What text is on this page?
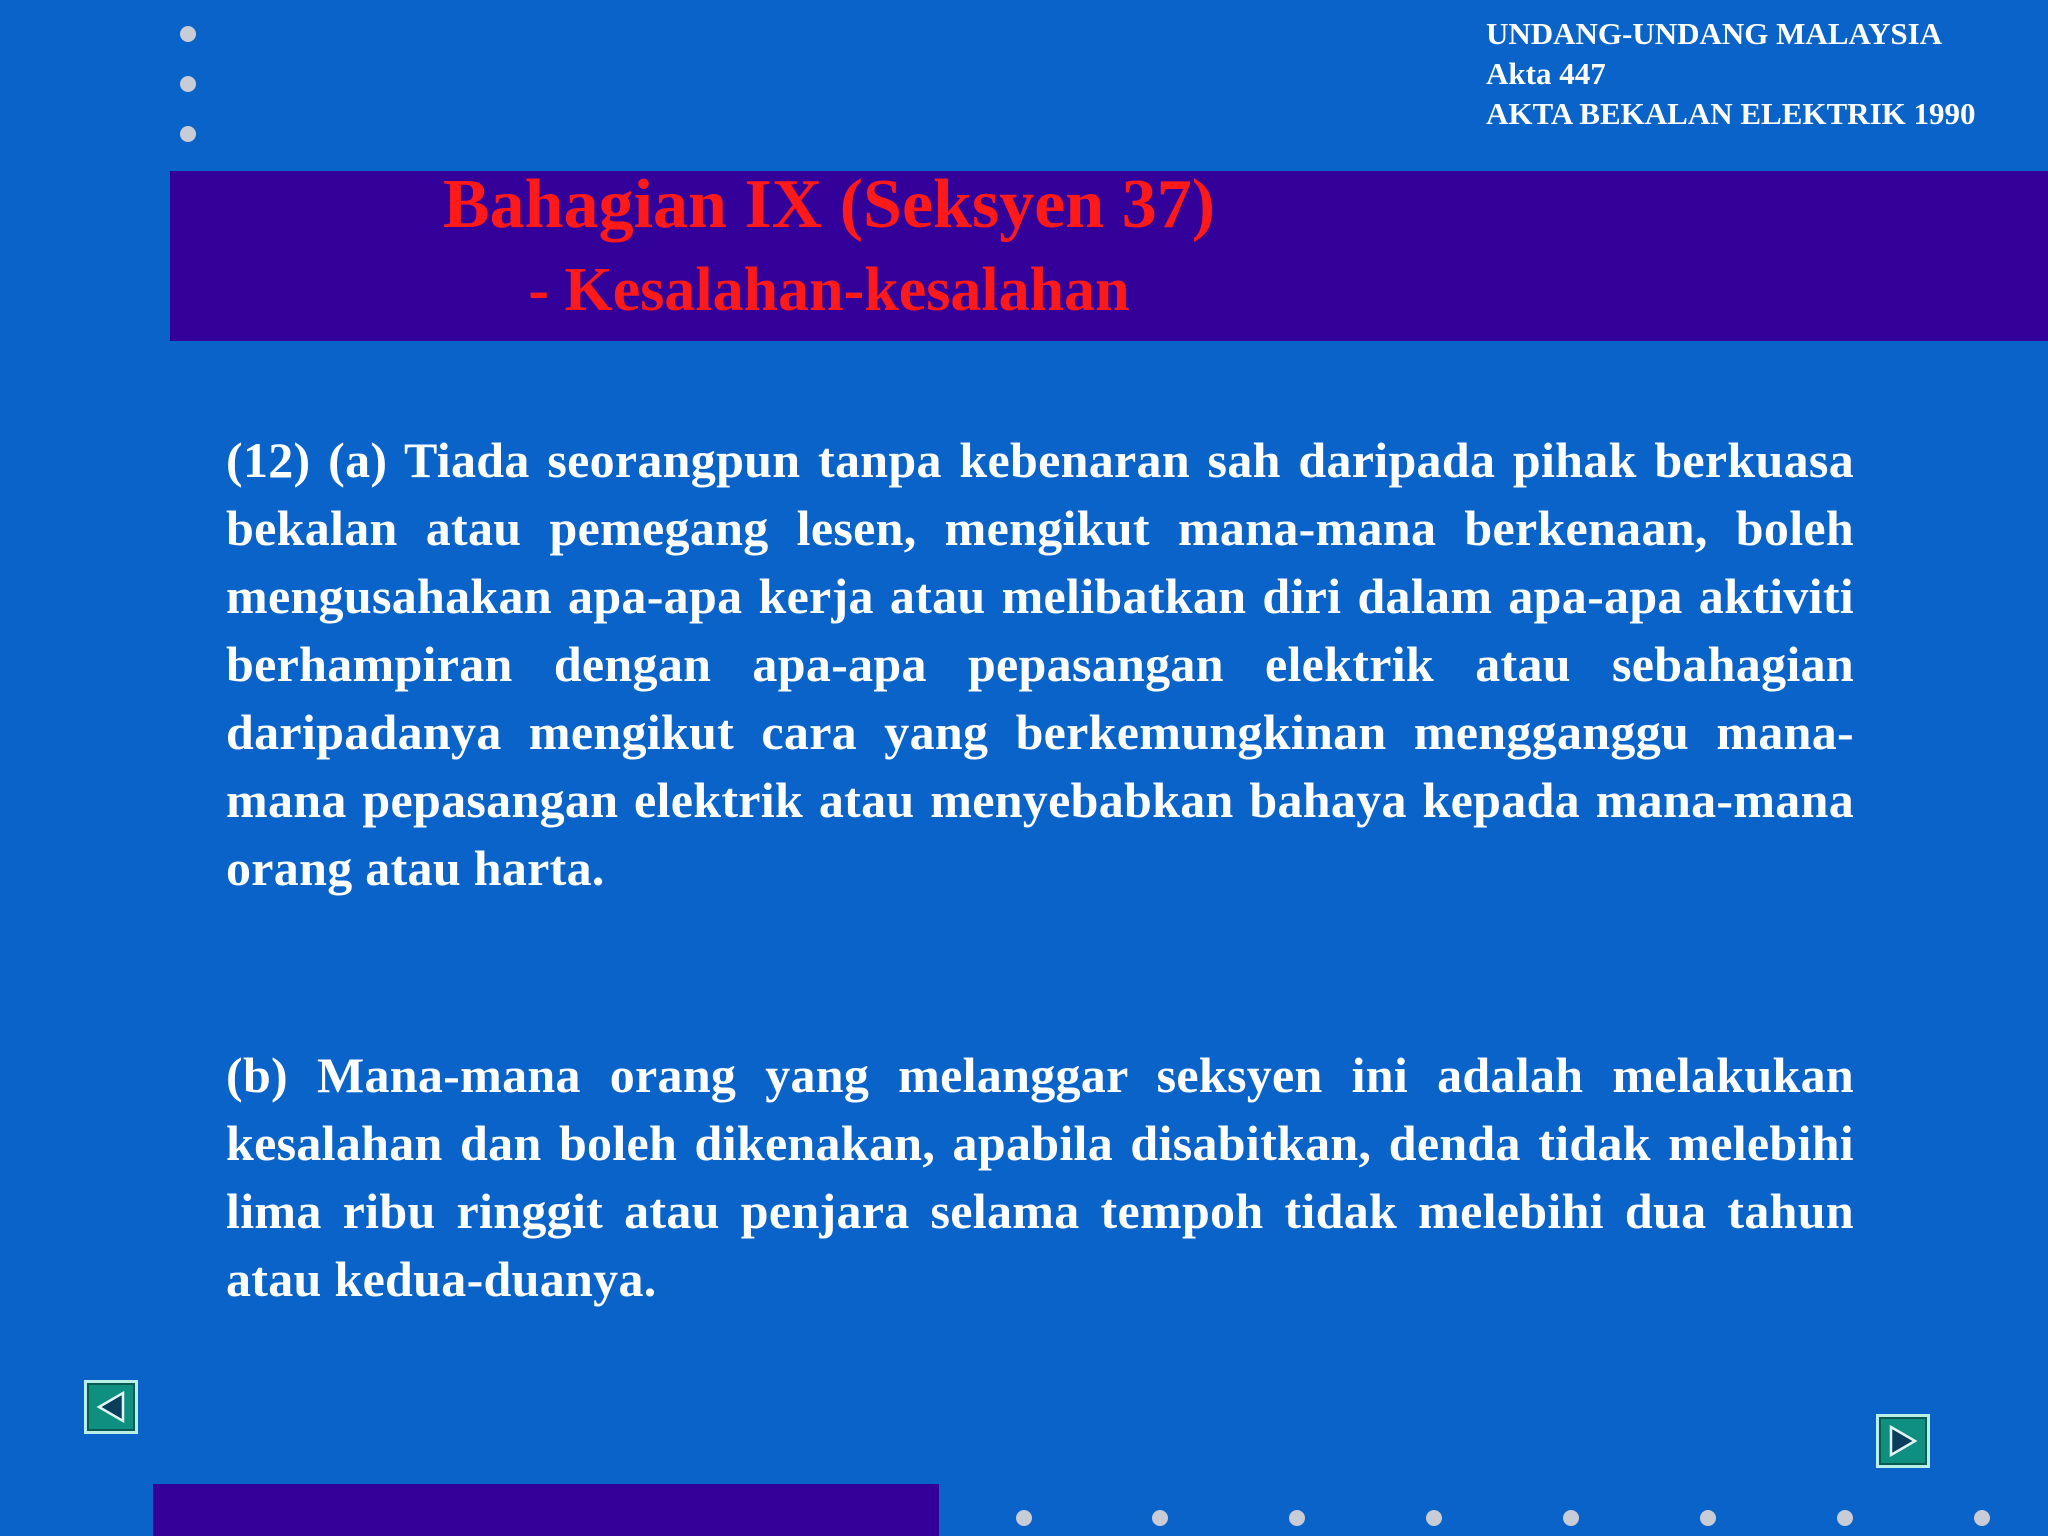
UNDANG-UNDANG MALAYSIA
Akta 447
AKTA BEKALAN ELEKTRIK 1990
Bahagian IX (Seksyen 37)
- Kesalahan-kesalahan
(12) (a) Tiada seorangpun tanpa kebenaran sah daripada pihak berkuasa bekalan atau pemegang lesen, mengikut mana-mana berkenaan, boleh mengusahakan apa-apa kerja atau melibatkan diri dalam apa-apa aktiviti berhampiran dengan apa-apa pepasangan elektrik atau sebahagian daripadanya mengikut cara yang berkemungkinan mengganggu mana-mana pepasangan elektrik atau menyebabkan bahaya kepada mana-mana orang atau harta.
(b) Mana-mana orang yang melanggar seksyen ini adalah melakukan kesalahan dan boleh dikenakan, apabila disabitkan, denda tidak melebihi lima ribu ringgit atau penjara selama tempoh tidak melebihi dua tahun atau kedua-duanya.
